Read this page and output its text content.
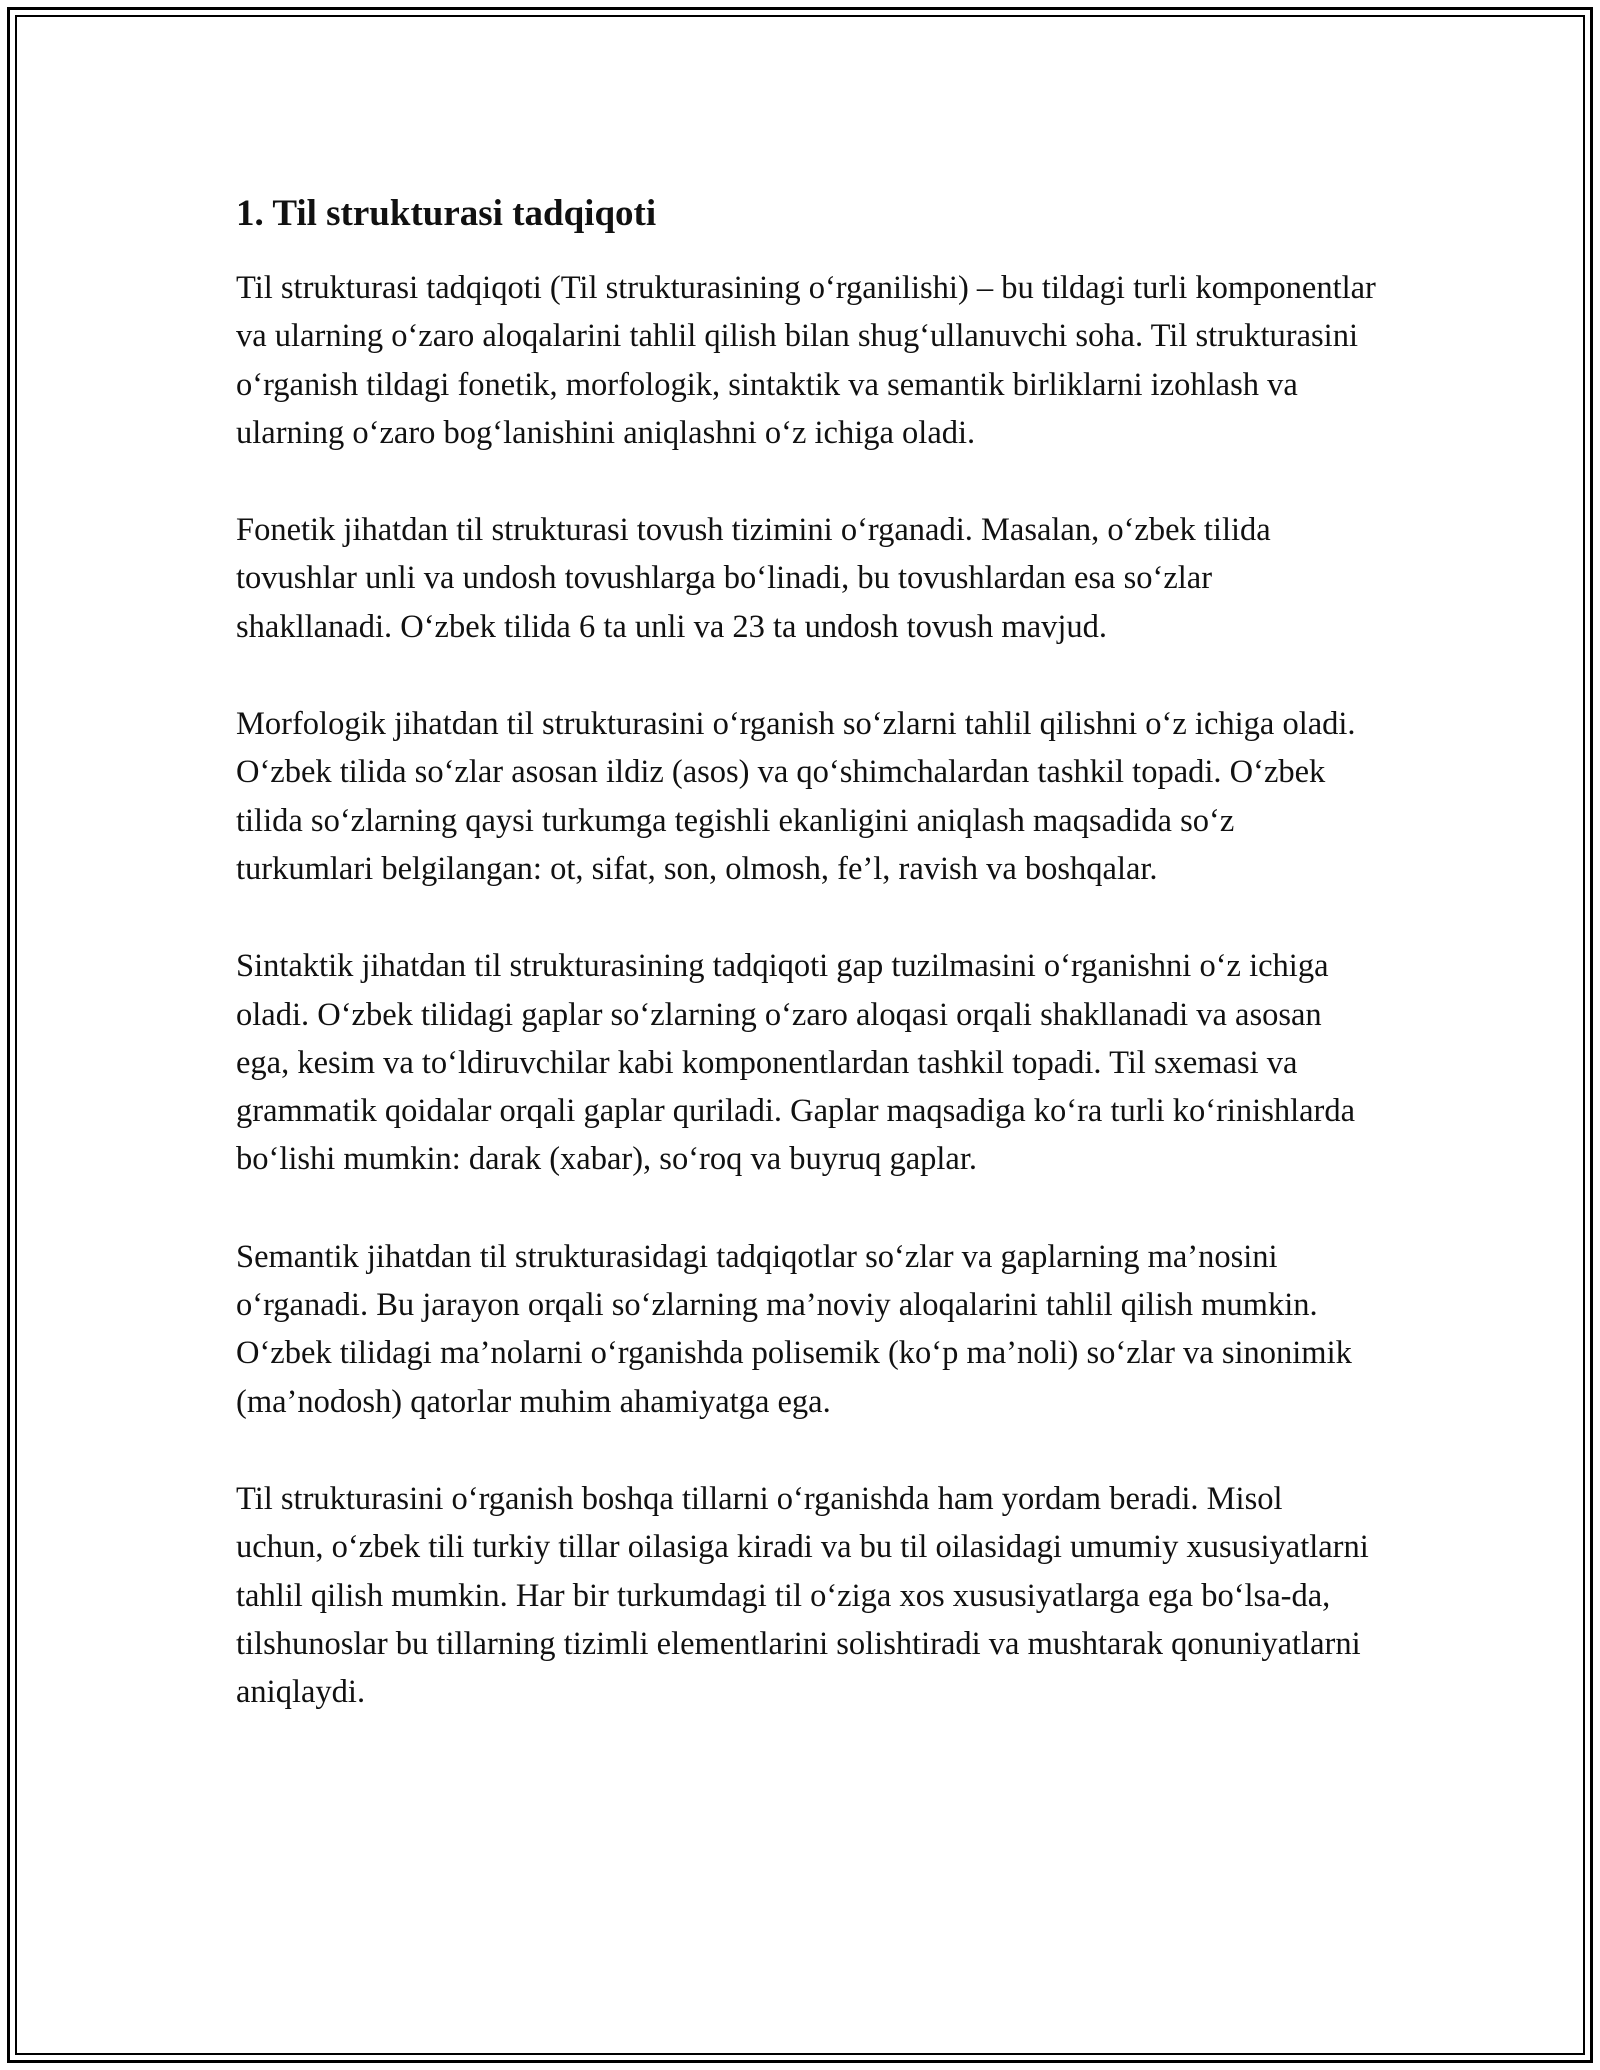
1. Til strukturasi tadqiqoti

Til strukturasi tadqiqoti (Til strukturasining oʻrganilishi) – bu tildagi turli komponentlar va ularning oʻzaro aloqalarini tahlil qilish bilan shugʻullanuvchi soha. Til strukturasini oʻrganish tildagi fonetik, morfologik, sintaktik va semantik birliklarni izohlash va ularning oʻzaro bogʻlanishini aniqlashni oʻz ichiga oladi.

Fonetik jihatdan til strukturasi tovush tizimini oʻrganadi. Masalan, oʻzbek tilida tovushlar unli va undosh tovushlarga boʻlinadi, bu tovushlardan esa soʻzlar shakllanadi. Oʻzbek tilida 6 ta unli va 23 ta undosh tovush mavjud.

Morfologik jihatdan til strukturasini oʻrganish soʻzlarni tahlil qilishni oʻz ichiga oladi. Oʻzbek tilida soʻzlar asosan ildiz (asos) va qoʻshimchalardan tashkil topadi. Oʻzbek tilida soʻzlarning qaysi turkumga tegishli ekanligini aniqlash maqsadida soʻz turkumlari belgilangan: ot, sifat, son, olmosh, fe’l, ravish va boshqalar.

Sintaktik jihatdan til strukturasining tadqiqoti gap tuzilmasini oʻrganishni oʻz ichiga oladi. Oʻzbek tilidagi gaplar soʻzlarning oʻzaro aloqasi orqali shakllanadi va asosan ega, kesim va toʻldiruvchilar kabi komponentlardan tashkil topadi. Til sxemasi va grammatik qoidalar orqali gaplar quriladi. Gaplar maqsadiga koʻra turli koʻrinishlarda boʻlishi mumkin: darak (xabar), soʻroq va buyruq gaplar.

Semantik jihatdan til strukturasidagi tadqiqotlar soʻzlar va gaplarning ma’nosini oʻrganadi. Bu jarayon orqali soʻzlarning ma’noviy aloqalarini tahlil qilish mumkin. Oʻzbek tilidagi ma’nolarni oʻrganishda polisemik (koʻp ma’noli) soʻzlar va sinonimik (ma’nodosh) qatorlar muhim ahamiyatga ega.

Til strukturasini oʻrganish boshqa tillarni oʻrganishda ham yordam beradi. Misol uchun, oʻzbek tili turkiy tillar oilasiga kiradi va bu til oilasidagi umumiy xususiyatlarni tahlil qilish mumkin. Har bir turkumdagi til oʻziga xos xususiyatlarga ega boʻlsa-da, tilshunoslar bu tillarning tizimli elementlarini solishtiradi va mushtarak qonuniyatlarni aniqlaydi.
